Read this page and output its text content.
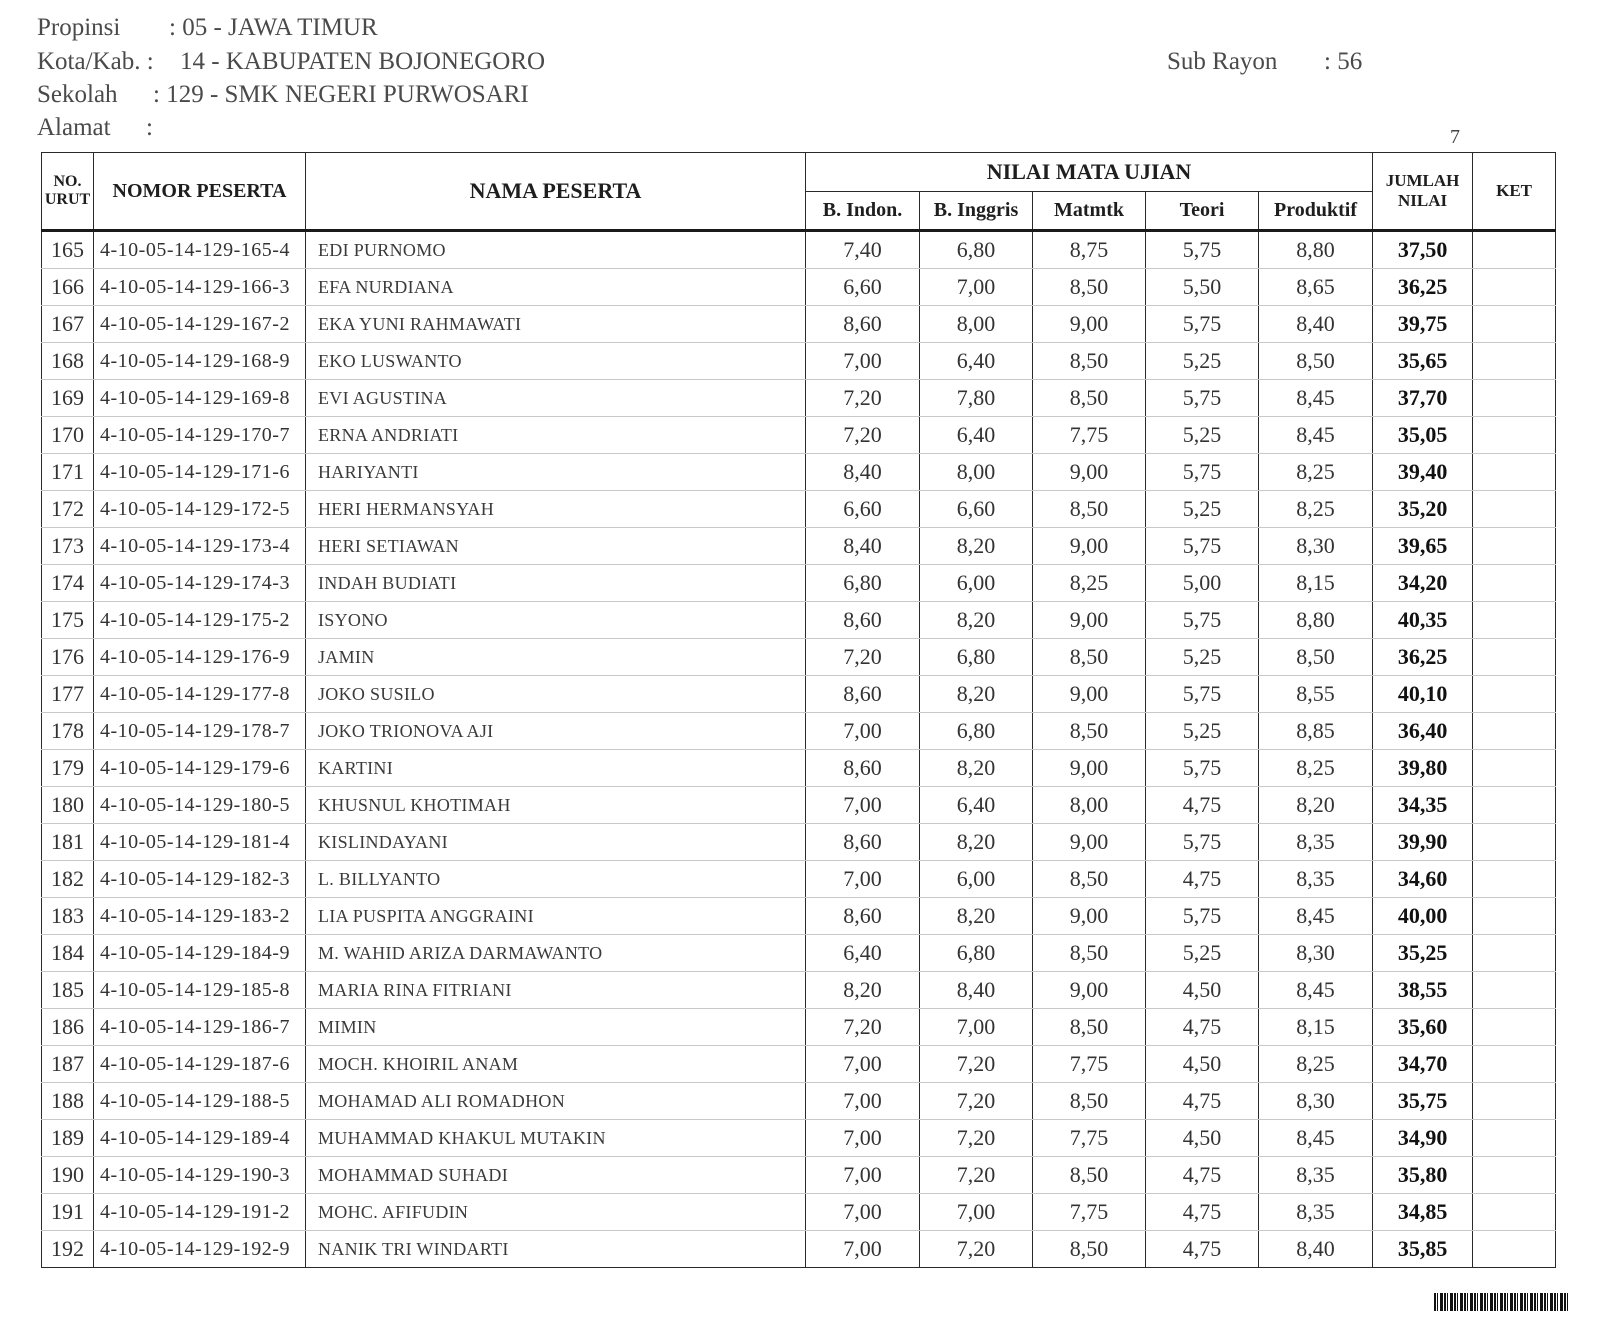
Propinsi : 05 - JAWA TIMUR
Kota/Kab. : 14 - KABUPATEN BOJONEGORO
Sekolah : 129 - SMK NEGERI PURWOSARI
Alamat :
Sub Rayon : 56
7
NO. URUT	NOMOR PESERTA	NAMA PESERTA	NILAI MATA UJIAN					JUMLAH NILAI	KET
			B. Indon.	B. Inggris	Matmtk	Teori	Produktif		
165	4-10-05-14-129-165-4	EDI PURNOMO	7,40	6,80	8,75	5,75	8,80	37,50	
166	4-10-05-14-129-166-3	EFA NURDIANA	6,60	7,00	8,50	5,50	8,65	36,25	
167	4-10-05-14-129-167-2	EKA YUNI RAHMAWATI	8,60	8,00	9,00	5,75	8,40	39,75	
168	4-10-05-14-129-168-9	EKO LUSWANTO	7,00	6,40	8,50	5,25	8,50	35,65	
169	4-10-05-14-129-169-8	EVI AGUSTINA	7,20	7,80	8,50	5,75	8,45	37,70	
170	4-10-05-14-129-170-7	ERNA ANDRIATI	7,20	6,40	7,75	5,25	8,45	35,05	
171	4-10-05-14-129-171-6	HARIYANTI	8,40	8,00	9,00	5,75	8,25	39,40	
172	4-10-05-14-129-172-5	HERI HERMANSYAH	6,60	6,60	8,50	5,25	8,25	35,20	
173	4-10-05-14-129-173-4	HERI SETIAWAN	8,40	8,20	9,00	5,75	8,30	39,65	
174	4-10-05-14-129-174-3	INDAH BUDIATI	6,80	6,00	8,25	5,00	8,15	34,20	
175	4-10-05-14-129-175-2	ISYONO	8,60	8,20	9,00	5,75	8,80	40,35	
176	4-10-05-14-129-176-9	JAMIN	7,20	6,80	8,50	5,25	8,50	36,25	
177	4-10-05-14-129-177-8	JOKO SUSILO	8,60	8,20	9,00	5,75	8,55	40,10	
178	4-10-05-14-129-178-7	JOKO TRIONOVA AJI	7,00	6,80	8,50	5,25	8,85	36,40	
179	4-10-05-14-129-179-6	KARTINI	8,60	8,20	9,00	5,75	8,25	39,80	
180	4-10-05-14-129-180-5	KHUSNUL KHOTIMAH	7,00	6,40	8,00	4,75	8,20	34,35	
181	4-10-05-14-129-181-4	KISLINDAYANI	8,60	8,20	9,00	5,75	8,35	39,90	
182	4-10-05-14-129-182-3	L. BILLYANTO	7,00	6,00	8,50	4,75	8,35	34,60	
183	4-10-05-14-129-183-2	LIA PUSPITA ANGGRAINI	8,60	8,20	9,00	5,75	8,45	40,00	
184	4-10-05-14-129-184-9	M. WAHID ARIZA DARMAWANTO	6,40	6,80	8,50	5,25	8,30	35,25	
185	4-10-05-14-129-185-8	MARIA RINA FITRIANI	8,20	8,40	9,00	4,50	8,45	38,55	
186	4-10-05-14-129-186-7	MIMIN	7,20	7,00	8,50	4,75	8,15	35,60	
187	4-10-05-14-129-187-6	MOCH. KHOIRIL ANAM	7,00	7,20	7,75	4,50	8,25	34,70	
188	4-10-05-14-129-188-5	MOHAMAD ALI ROMADHON	7,00	7,20	8,50	4,75	8,30	35,75	
189	4-10-05-14-129-189-4	MUHAMMAD KHAKUL MUTAKIN	7,00	7,20	7,75	4,50	8,45	34,90	
190	4-10-05-14-129-190-3	MOHAMMAD SUHADI	7,00	7,20	8,50	4,75	8,35	35,80	
191	4-10-05-14-129-191-2	MOHC. AFIFUDIN	7,00	7,00	7,75	4,75	8,35	34,85	
192	4-10-05-14-129-192-9	NANIK TRI WINDARTI	7,00	7,20	8,50	4,75	8,40	35,85	
